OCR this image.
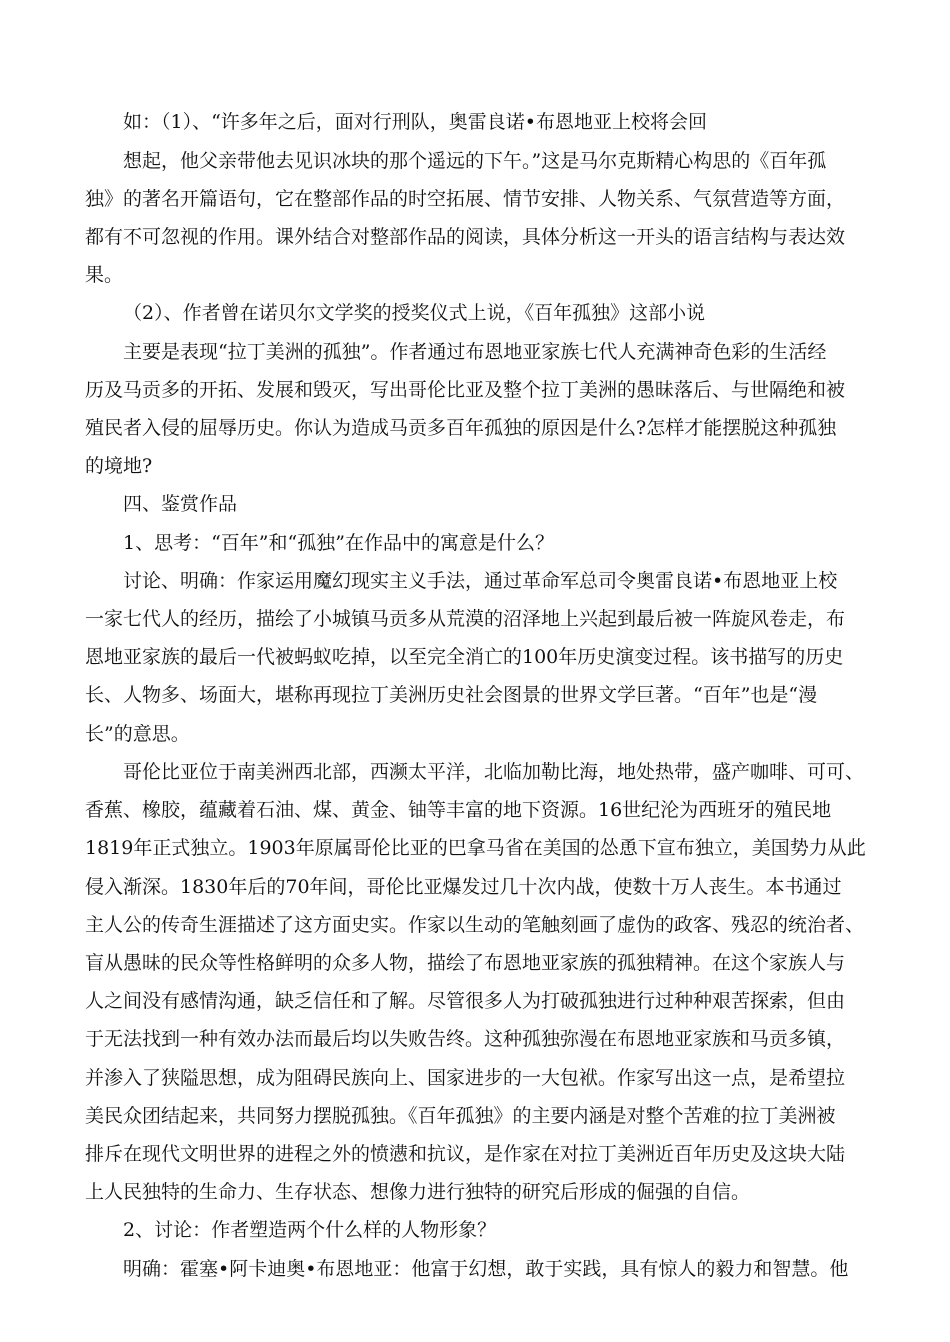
如：（1）、“许多年之后，面对行刑队，奥雷良诺•布恩地亚上校将会回
想起，他父亲带他去见识冰块的那个遥远的下午。”这是马尔克斯精心构思的《百年孤
独》的著名开篇语句，它在整部作品的时空拓展、情节安排、人物关系、气氛营造等方面，
都有不可忽视的作用。课外结合对整部作品的阅读，具体分析这一开头的语言结构与表达效
果。
（2）、作者曾在诺贝尔文学奖的授奖仪式上说，《百年孤独》这部小说
主要是表现“拉丁美洲的孤独”。作者通过布恩地亚家族七代人充满神奇色彩的生活经
历及马贡多的开拓、发展和毁灭，写出哥伦比亚及整个拉丁美洲的愚昧落后、与世隔绝和被
殖民者入侵的屈辱历史。你认为造成马贡多百年孤独的原因是什么?怎样才能摆脱这种孤独
的境地?
四、鉴赏作品
1、思考：“百年”和“孤独”在作品中的寓意是什么？
讨论、明确：作家运用魔幻现实主义手法，通过革命军总司令奥雷良诺•布恩地亚上校
一家七代人的经历，描绘了小城镇马贡多从荒漠的沼泽地上兴起到最后被一阵旋风卷走，布
恩地亚家族的最后一代被蚂蚁吃掉，以至完全消亡的100年历史演变过程。该书描写的历史
长、人物多、场面大，堪称再现拉丁美洲历史社会图景的世界文学巨著。“百年”也是“漫
长”的意思。
哥伦比亚位于南美洲西北部，西濒太平洋，北临加勒比海，地处热带，盛产咖啡、可可、
香蕉、橡胶，蕴藏着石油、煤、黄金、铀等丰富的地下资源。16世纪沦为西班牙的殖民地
1819年正式独立。1903年原属哥伦比亚的巴拿马省在美国的怂恿下宣布独立，美国势力从此
侵入渐深。1830年后的70年间，哥伦比亚爆发过几十次内战，使数十万人丧生。本书通过
主人公的传奇生涯描述了这方面史实。作家以生动的笔触刻画了虚伪的政客、残忍的统治者、
盲从愚昧的民众等性格鲜明的众多人物，描绘了布恩地亚家族的孤独精神。在这个家族人与
人之间没有感情沟通，缺乏信任和了解。尽管很多人为打破孤独进行过种种艰苦探索，但由
于无法找到一种有效办法而最后均以失败告终。这种孤独弥漫在布恩地亚家族和马贡多镇，
并渗入了狭隘思想，成为阻碍民族向上、国家进步的一大包袱。作家写出这一点，是希望拉
美民众团结起来，共同努力摆脱孤独。《百年孤独》的主要内涵是对整个苦难的拉丁美洲被
排斥在现代文明世界的进程之外的愤懑和抗议，是作家在对拉丁美洲近百年历史及这块大陆
上人民独特的生命力、生存状态、想像力进行独特的研究后形成的倔强的自信。
2、讨论：作者塑造两个什么样的人物形象？
明确：霍塞•阿卡迪奥•布恩地亚：他富于幻想，敢于实践，具有惊人的毅力和智慧。他
